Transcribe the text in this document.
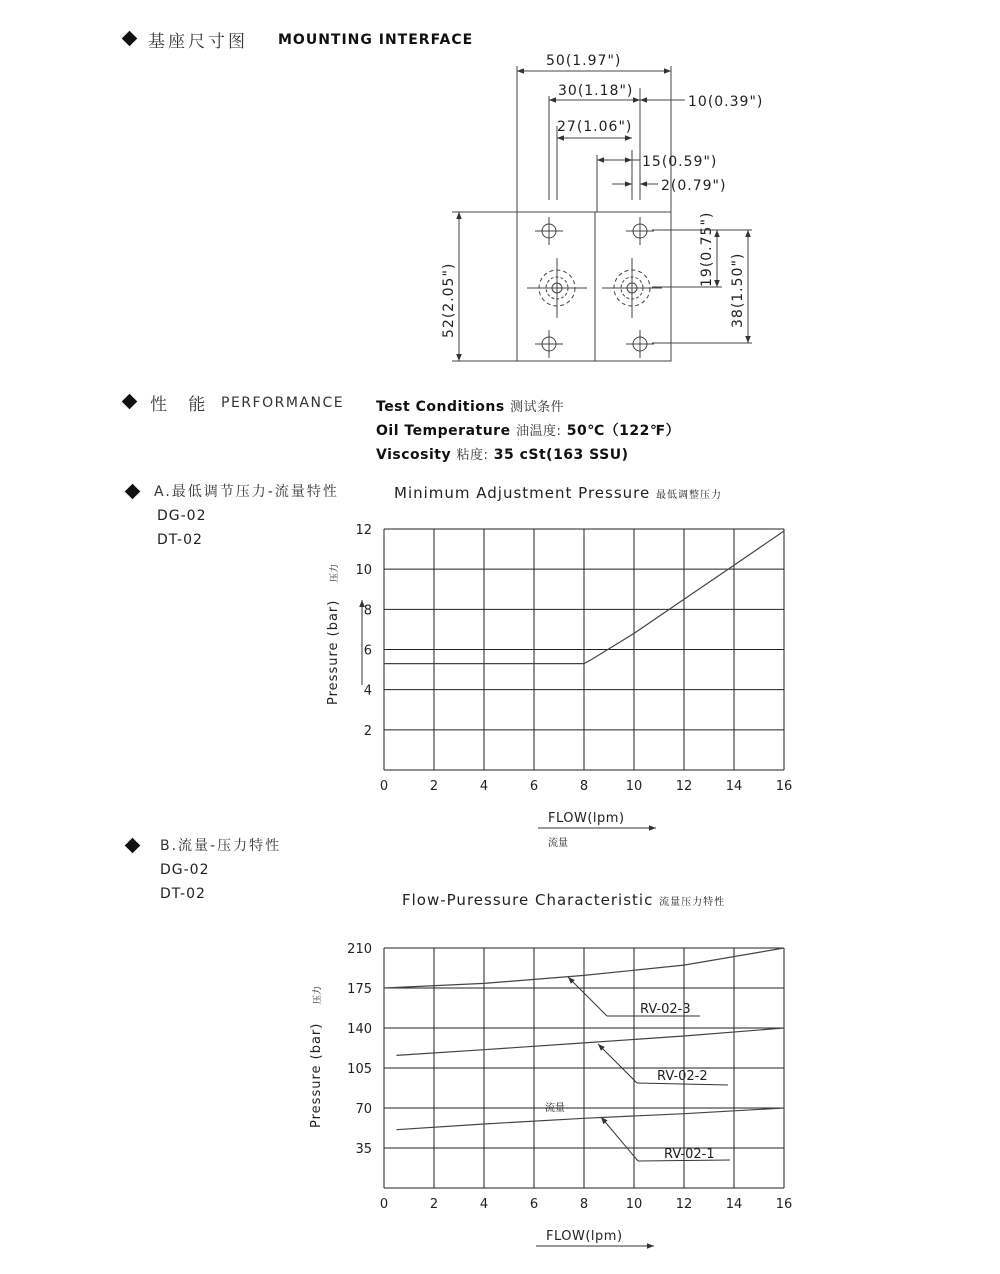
基座尺寸图 MOUNTING INTERFACE
50(1.97")
30(1.18")
10(0.39")
27(1.06")
15(0.59")
2(0.79")
52(2.05")
19(0.75")
38(1.50")
性 能 PERFORMANCE Test Conditions 测试条件
Oil Temperature 油温度: 50℃（122℉）
Viscosity 粘度: 35 cSt(163 SSU)
A.最低调节压力-流量特性
DG-02
DT-02
Minimum Adjustment Pressure 最低调整压力
0	2	4	6	8	10	12	14	16
2
4
6
8
10
12
Pressure (bar)
压力
FLOW(lpm)
流量
B.流量-压力特性
DG-02
DT-02	Flow-Puressure Characteristic 流量压力特性
0	2	4	6	8	10	12	14	16
35
70
105
140
175
210
Pressure (bar)
压力
FLOW(lpm)
流量
RV-02-3
RV-02-2
RV-02-1
